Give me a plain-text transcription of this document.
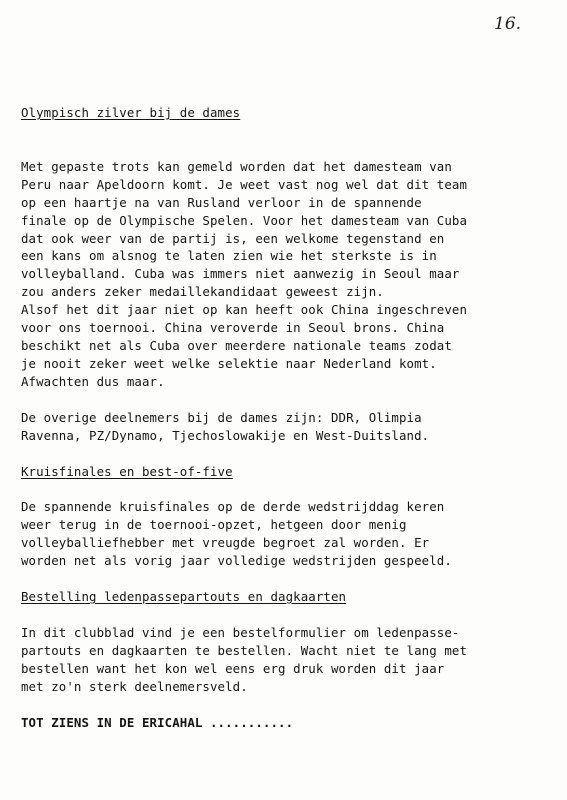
16.
Olympisch zilver bij de dames

Met gepaste trots kan gemeld worden dat het damesteam van
Peru naar Apeldoorn komt. Je weet vast nog wel dat dit team
op een haartje na van Rusland verloor in de spannende
finale op de Olympische Spelen. Voor het damesteam van Cuba
dat ook weer van de partij is, een welkome tegenstand en
een kans om alsnog te laten zien wie het sterkste is in
volleyballand. Cuba was immers niet aanwezig in Seoul maar
zou anders zeker medaillekandidaat geweest zijn.
Alsof het dit jaar niet op kan heeft ook China ingeschreven
voor ons toernooi. China veroverde in Seoul brons. China
beschikt net als Cuba over meerdere nationale teams zodat
je nooit zeker weet welke selektie naar Nederland komt.
Afwachten dus maar.

De overige deelnemers bij de dames zijn: DDR, Olimpia
Ravenna, PZ/Dynamo, Tjechoslowakije en West-Duitsland.

Kruisfinales en best-of-five

De spannende kruisfinales op de derde wedstrijddag keren
weer terug in de toernooi-opzet, hetgeen door menig
volleyballiefhebber met vreugde begroet zal worden. Er
worden net als vorig jaar volledige wedstrijden gespeeld.

Bestelling ledenpassepartouts en dagkaarten

In dit clubblad vind je een bestelformulier om ledenpasse-
partouts en dagkaarten te bestellen. Wacht niet te lang met
bestellen want het kon wel eens erg druk worden dit jaar
met zo'n sterk deelnemersveld.

TOT ZIENS IN DE ERICAHAL ...........
